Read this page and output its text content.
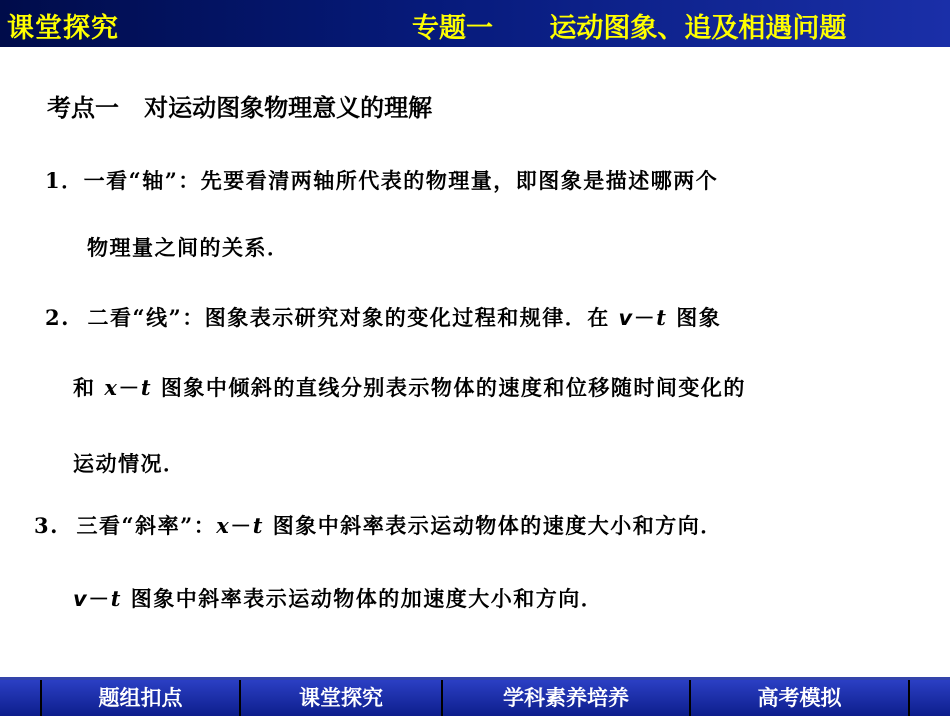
课堂探究	专题一      运动图象、追及相遇问题
考点一   对运动图象物理意义的理解
1．一看“轴”：先要看清两轴所代表的物理量，即图象是描述哪两个
物理量之间的关系．
2.  二看“线”：图象表示研究对象的变化过程和规律．在 v－t 图象
和 x－t 图象中倾斜的直线分别表示物体的速度和位移随时间变化的
运动情况．
3.  三看“斜率”：x－t 图象中斜率表示运动物体的速度大小和方向．
v－t 图象中斜率表示运动物体的加速度大小和方向．
题组扣点	课堂探究	学科素养培养	高考模拟
